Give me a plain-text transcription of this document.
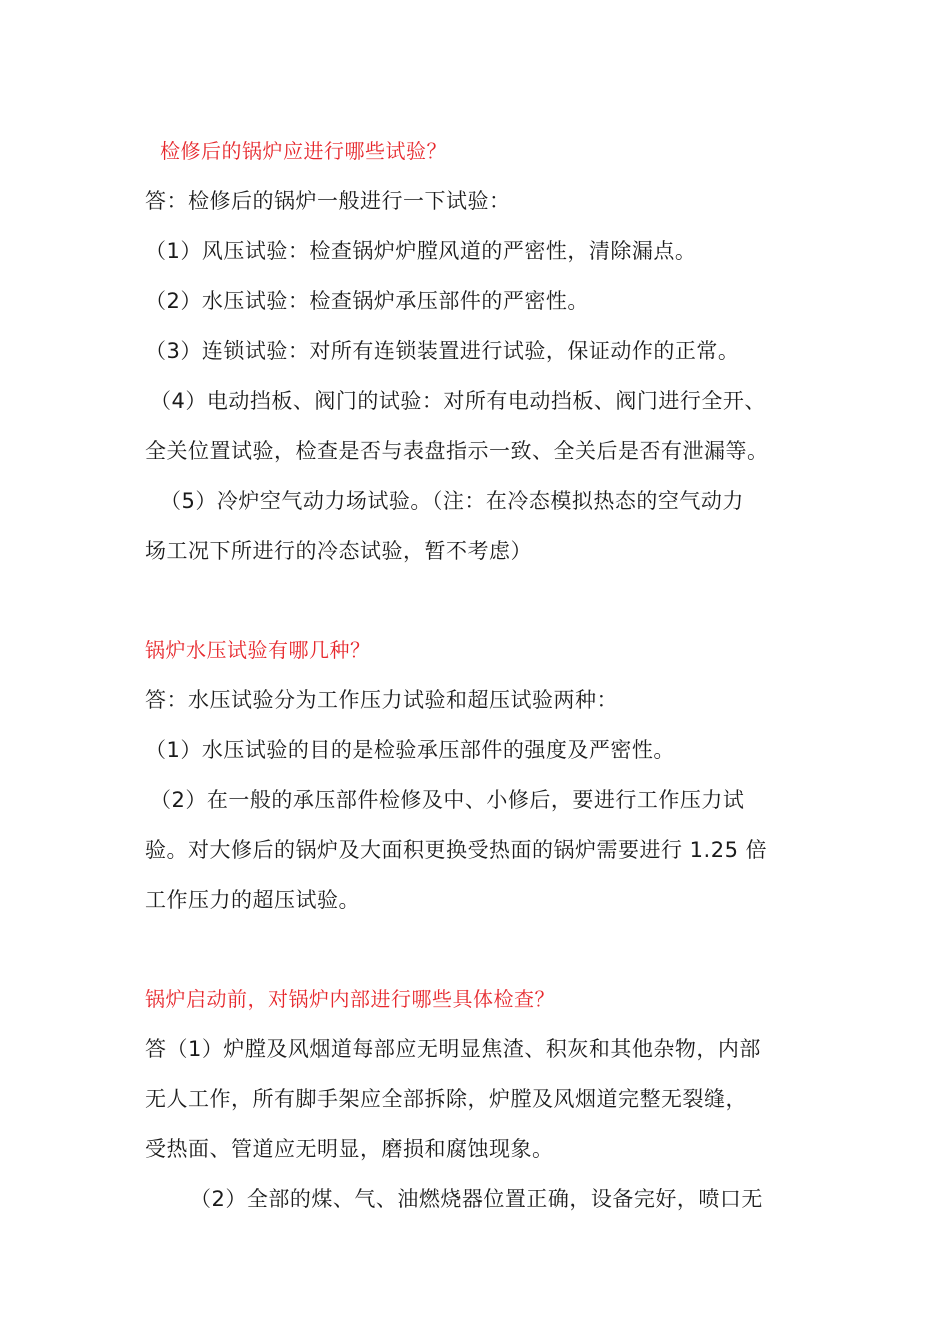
检修后的锅炉应进行哪些试验？
答：检修后的锅炉一般进行一下试验：
（1）风压试验：检查锅炉炉膛风道的严密性，清除漏点。
（2）水压试验：检查锅炉承压部件的严密性。
（3）连锁试验：对所有连锁装置进行试验，保证动作的正常。
（4）电动挡板、阀门的试验：对所有电动挡板、阀门进行全开、
全关位置试验，检查是否与表盘指示一致、全关后是否有泄漏等。
（5）冷炉空气动力场试验。（注：在冷态模拟热态的空气动力
场工况下所进行的冷态试验，暂不考虑）
锅炉水压试验有哪几种？
答：水压试验分为工作压力试验和超压试验两种：
（1）水压试验的目的是检验承压部件的强度及严密性。
（2）在一般的承压部件检修及中、小修后，要进行工作压力试
验。对大修后的锅炉及大面积更换受热面的锅炉需要进行 1.25 倍
工作压力的超压试验。
锅炉启动前，对锅炉内部进行哪些具体检查？
答（1）炉膛及风烟道每部应无明显焦渣、积灰和其他杂物，内部
无人工作，所有脚手架应全部拆除，炉膛及风烟道完整无裂缝，
受热面、管道应无明显，磨损和腐蚀现象。
（2）全部的煤、气、油燃烧器位置正确，设备完好，喷口无
